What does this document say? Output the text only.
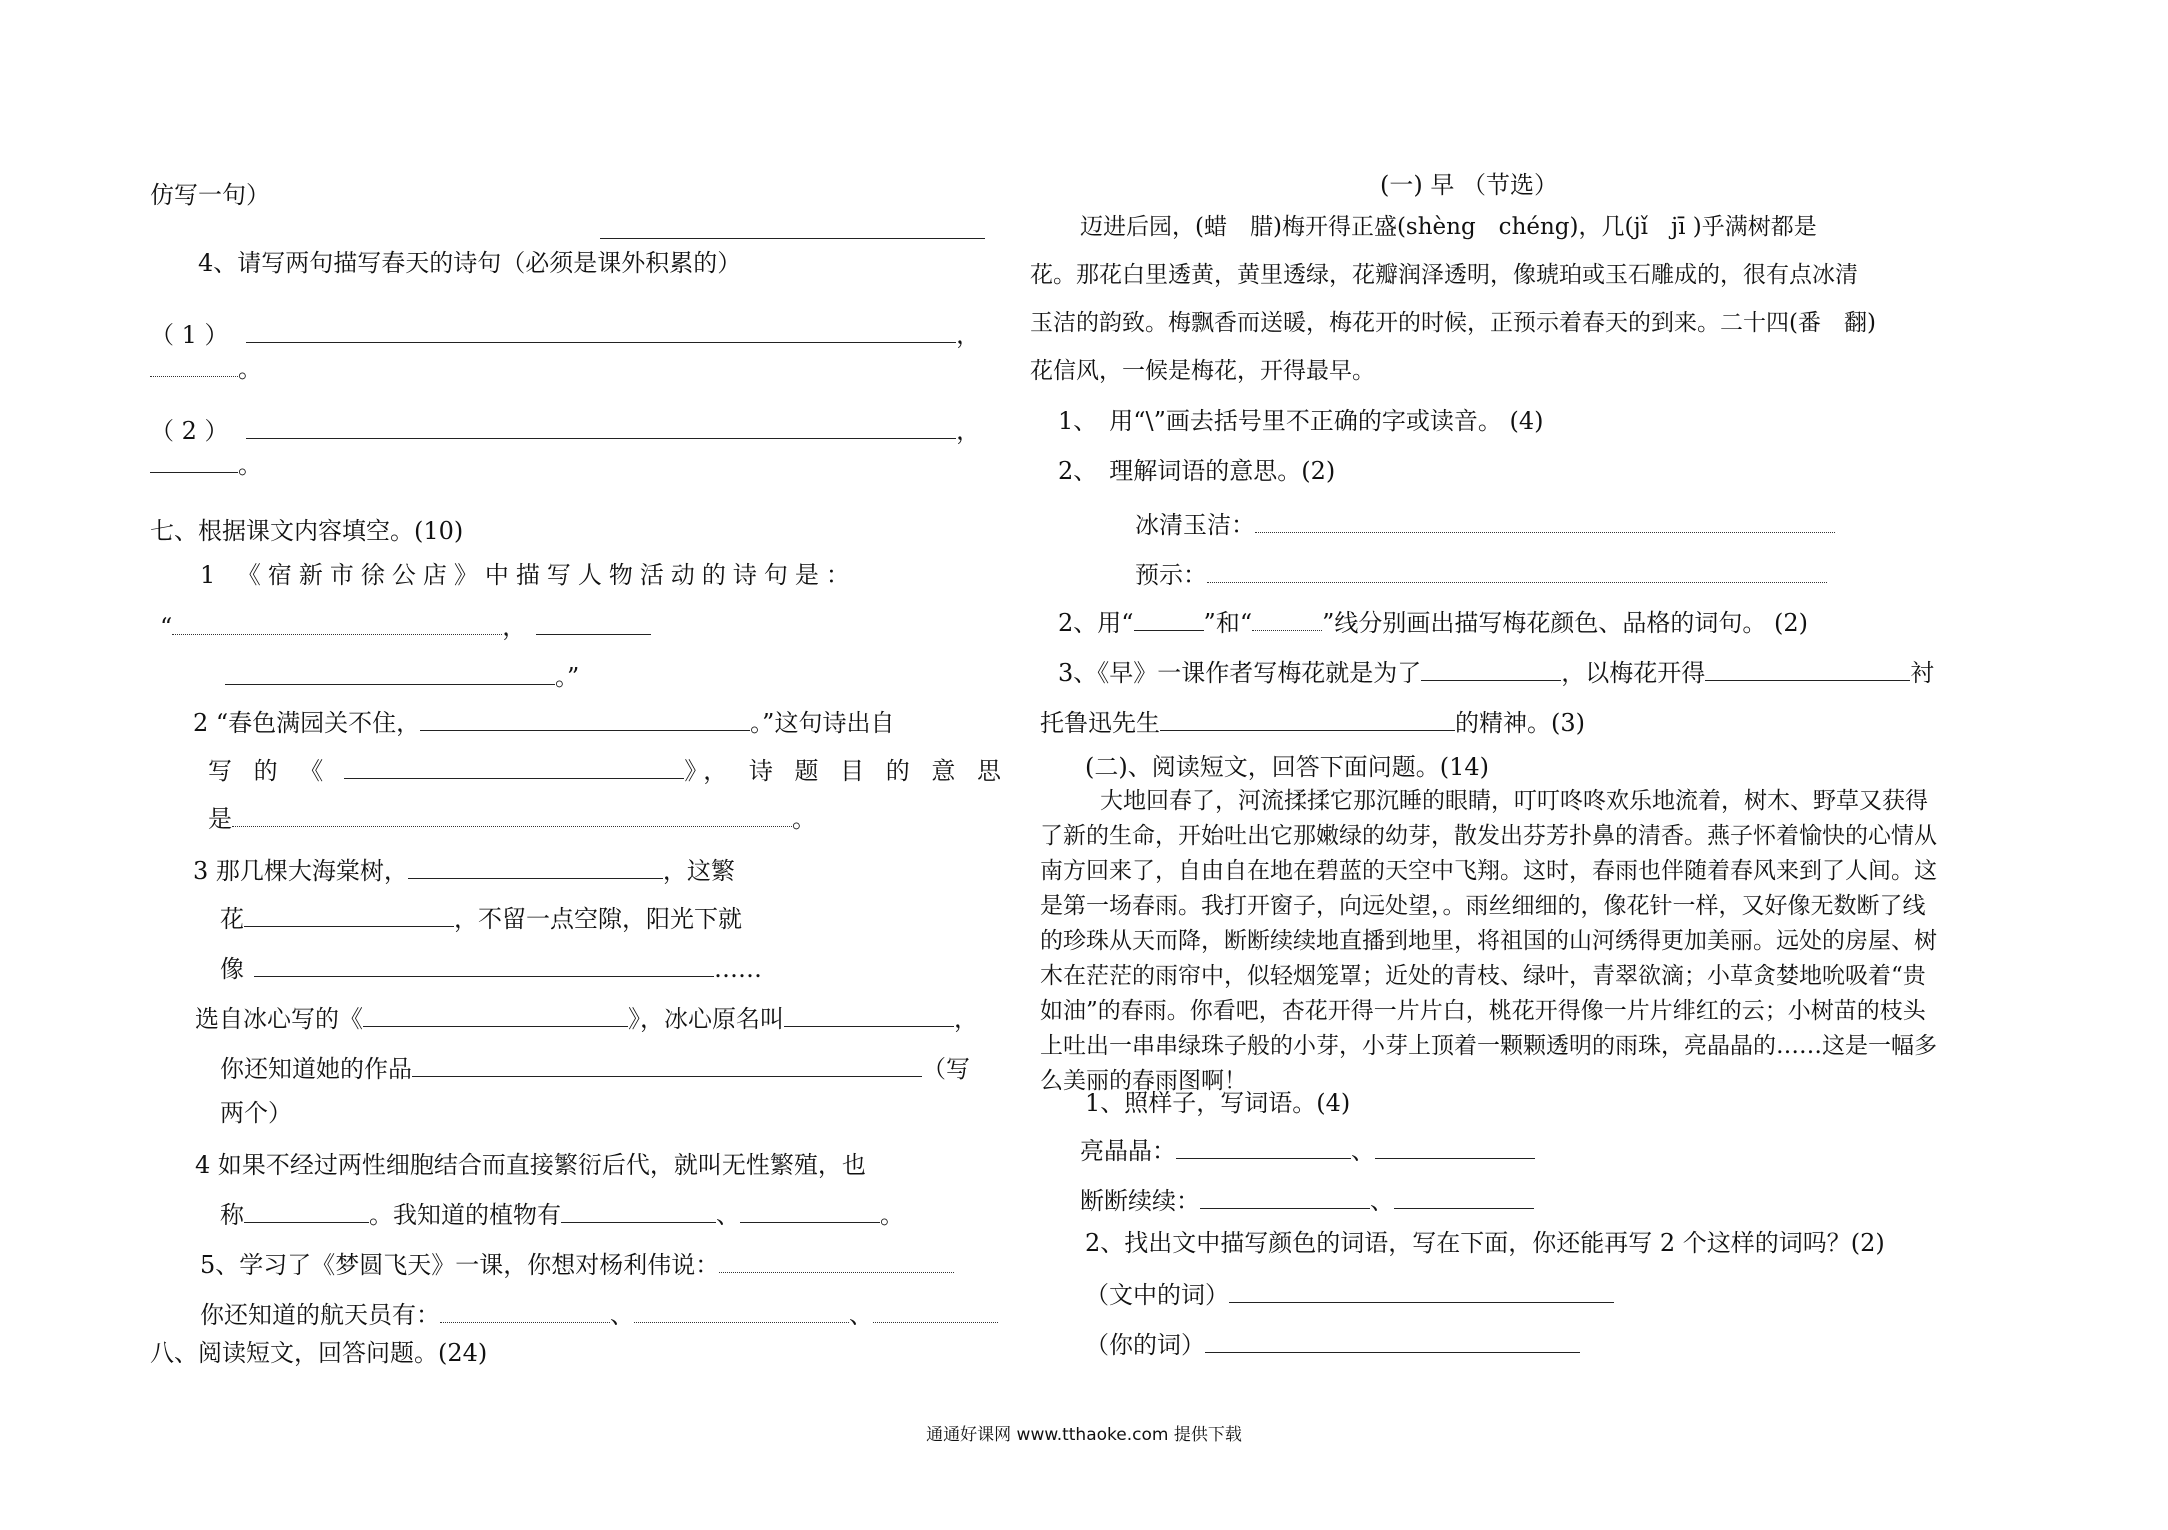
仿写一句）
4、请写两句描写春天的诗句（必须是课外积累的）
（ 1 ）	，
。
（ 2 ）	，
。
七、根据课文内容填空。(10)
1 《宿新市徐公店》中描写人物活动的诗句是：
“	，
。”
2 “春色满园关不住，	。”这句诗出自
写 的 《	》， 诗 题 目 的 意 思
是	。
3 那几棵大海棠树，	，这繁
花	，不留一点空隙，阳光下就
像	……
选自冰心写的《	》，冰心原名叫	，
你还知道她的作品	（写
两个）
4 如果不经过两性细胞结合而直接繁衍后代，就叫无性繁殖，也
称	。我知道的植物有	、	。
5、学习了《梦圆飞天》一课，你想对杨利伟说：
你还知道的航天员有：	、	、
八、阅读短文，回答问题。(24)
(一) 早 （节选）
迈进后园，(蜡　腊)梅开得正盛(shèng　chéng)，几(jǐ　jī )乎满树都是
花。那花白里透黄，黄里透绿，花瓣润泽透明，像琥珀或玉石雕成的，很有点冰清
玉洁的韵致。梅飘香而送暖，梅花开的时候，正预示着春天的到来。二十四(番　翻)
花信风，一候是梅花，开得最早。
1、　用“\”画去括号里不正确的字或读音。 (4)
2、　理解词语的意思。(2)
冰清玉洁：
预示：
2、用“	”和“	”线分别画出描写梅花颜色、品格的词句。 (2)
3、《早》一课作者写梅花就是为了	，以梅花开得	衬
托鲁迅先生	的精神。(3)
(二)、阅读短文，回答下面问题。(14)
大地回春了，河流揉揉它那沉睡的眼睛，叮叮咚咚欢乐地流着，树木、野草又获得了新的生命，开始吐出它那嫩绿的幼芽，散发出芬芳扑鼻的清香。燕子怀着愉快的心情从南方回来了，自由自在地在碧蓝的天空中飞翔。这时，春雨也伴随着春风来到了人间。这是第一场春雨。我打开窗子，向远处望，。雨丝细细的，像花针一样，又好像无数断了线的珍珠从天而降，断断续续地直播到地里，将祖国的山河绣得更加美丽。远处的房屋、树木在茫茫的雨帘中，似轻烟笼罩；近处的青枝、绿叶，青翠欲滴；小草贪婪地吮吸着“贵如油”的春雨。你看吧，杏花开得一片片白，桃花开得像一片片绯红的云；小树苗的枝头上吐出一串串绿珠子般的小芽，小芽上顶着一颗颗透明的雨珠，亮晶晶的……这是一幅多么美丽的春雨图啊！
1、照样子，写词语。(4)
亮晶晶：	、
断断续续：	、
2、找出文中描写颜色的词语，写在下面，你还能再写 2 个这样的词吗？(2)
（文中的词）
（你的词）
通通好课网 www.tthaoke.com 提供下载
